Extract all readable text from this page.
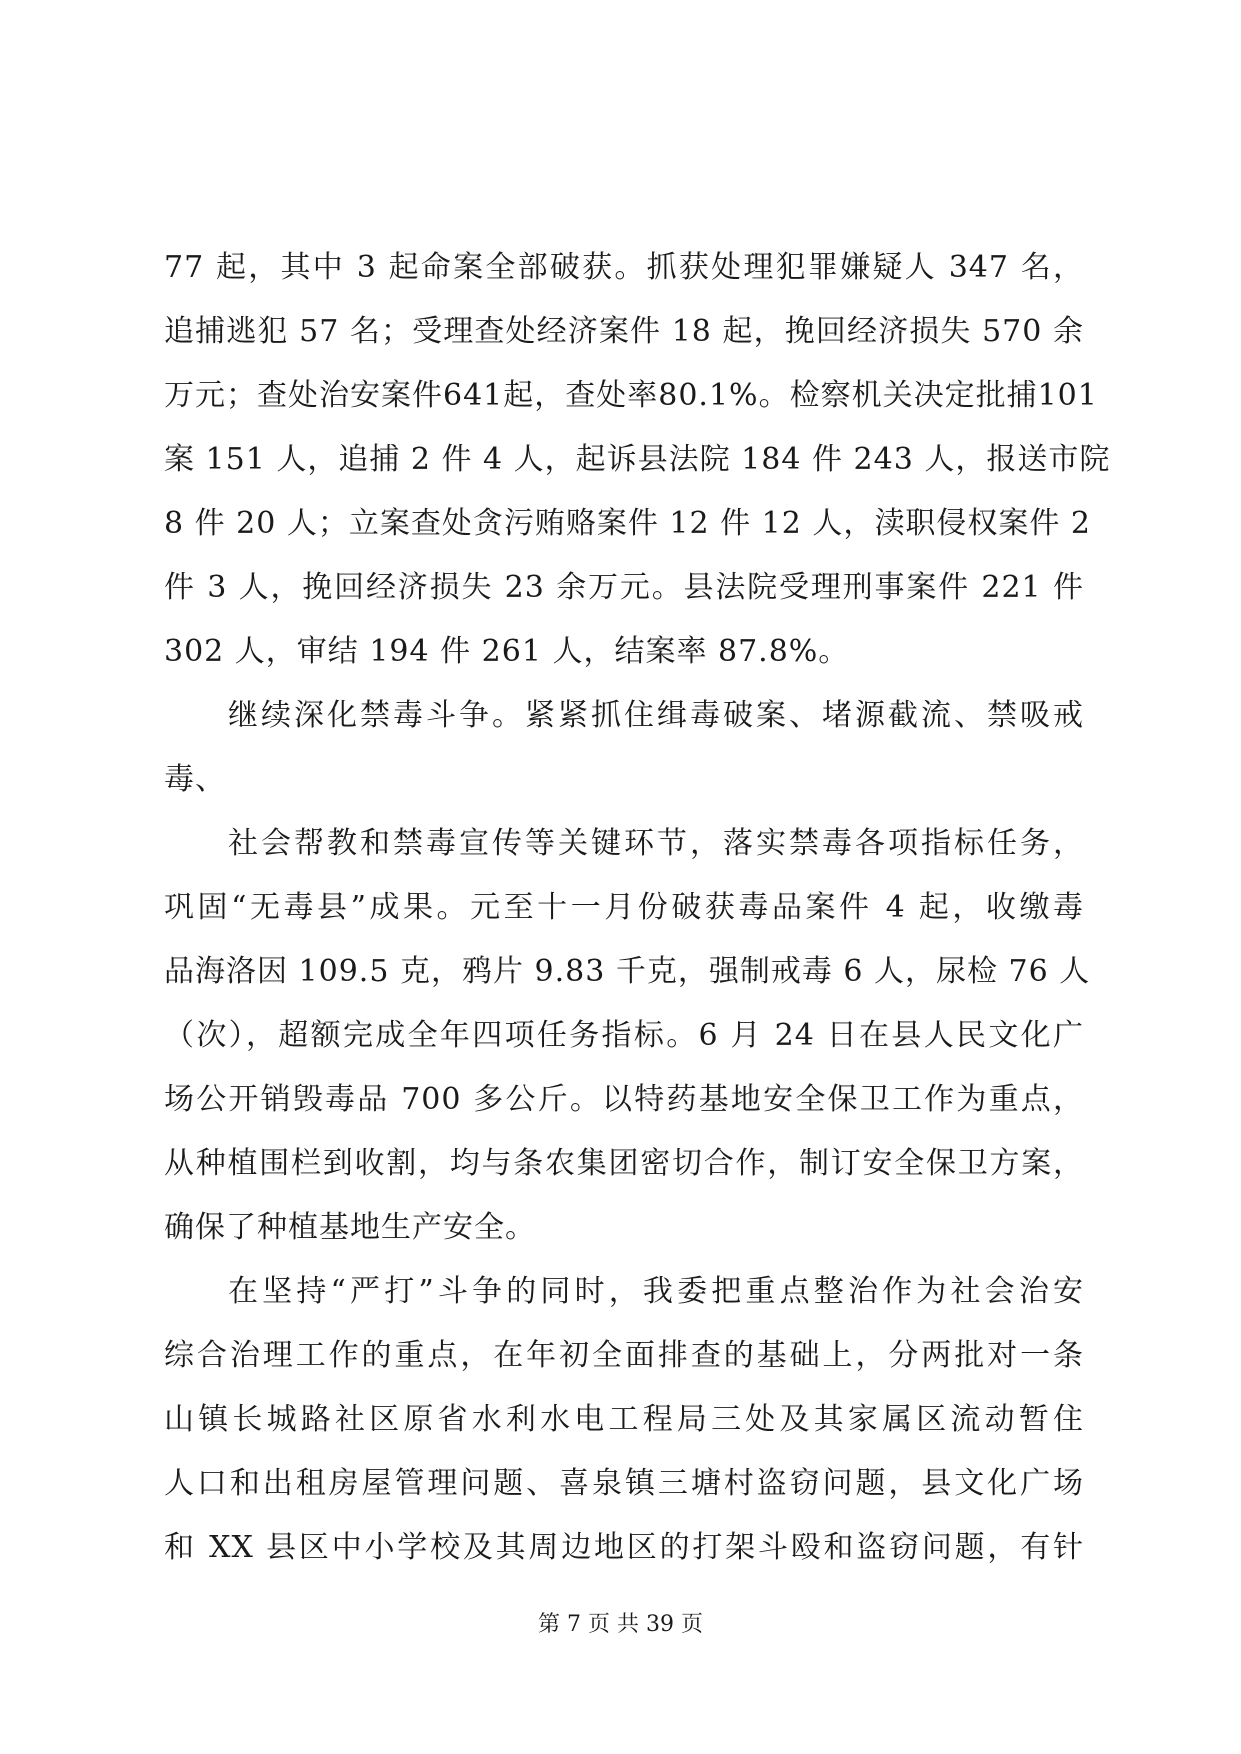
77 起，其中 3 起命案全部破获。抓获处理犯罪嫌疑人 347 名，
追捕逃犯 57 名；受理查处经济案件 18 起，挽回经济损失 570 余
万元；查处治安案件641起，查处率80.1%。检察机关决定批捕101
案 151 人，追捕 2 件 4 人，起诉县法院 184 件 243 人，报送市院
8 件 20 人；立案查处贪污贿赂案件 12 件 12 人，渎职侵权案件 2
件 3 人，挽回经济损失 23 余万元。县法院受理刑事案件 221 件
302 人，审结 194 件 261 人，结案率 87.8%。
继续深化禁毒斗争。紧紧抓住缉毒破案、堵源截流、禁吸戒
毒、
社会帮教和禁毒宣传等关键环节，落实禁毒各项指标任务，
巩固“无毒县”成果。元至十一月份破获毒品案件 4 起，收缴毒
品海洛因 109.5 克，鸦片 9.83 千克，强制戒毒 6 人，尿检 76 人
（次），超额完成全年四项任务指标。6 月 24 日在县人民文化广
场公开销毁毒品 700 多公斤。以特药基地安全保卫工作为重点，
从种植围栏到收割，均与条农集团密切合作，制订安全保卫方案，
确保了种植基地生产安全。
在坚持“严打”斗争的同时，我委把重点整治作为社会治安
综合治理工作的重点，在年初全面排查的基础上，分两批对一条
山镇长城路社区原省水利水电工程局三处及其家属区流动暂住
人口和出租房屋管理问题、喜泉镇三塘村盗窃问题，县文化广场
和 XX 县区中小学校及其周边地区的打架斗殴和盗窃问题，有针
第 7 页 共 39 页
